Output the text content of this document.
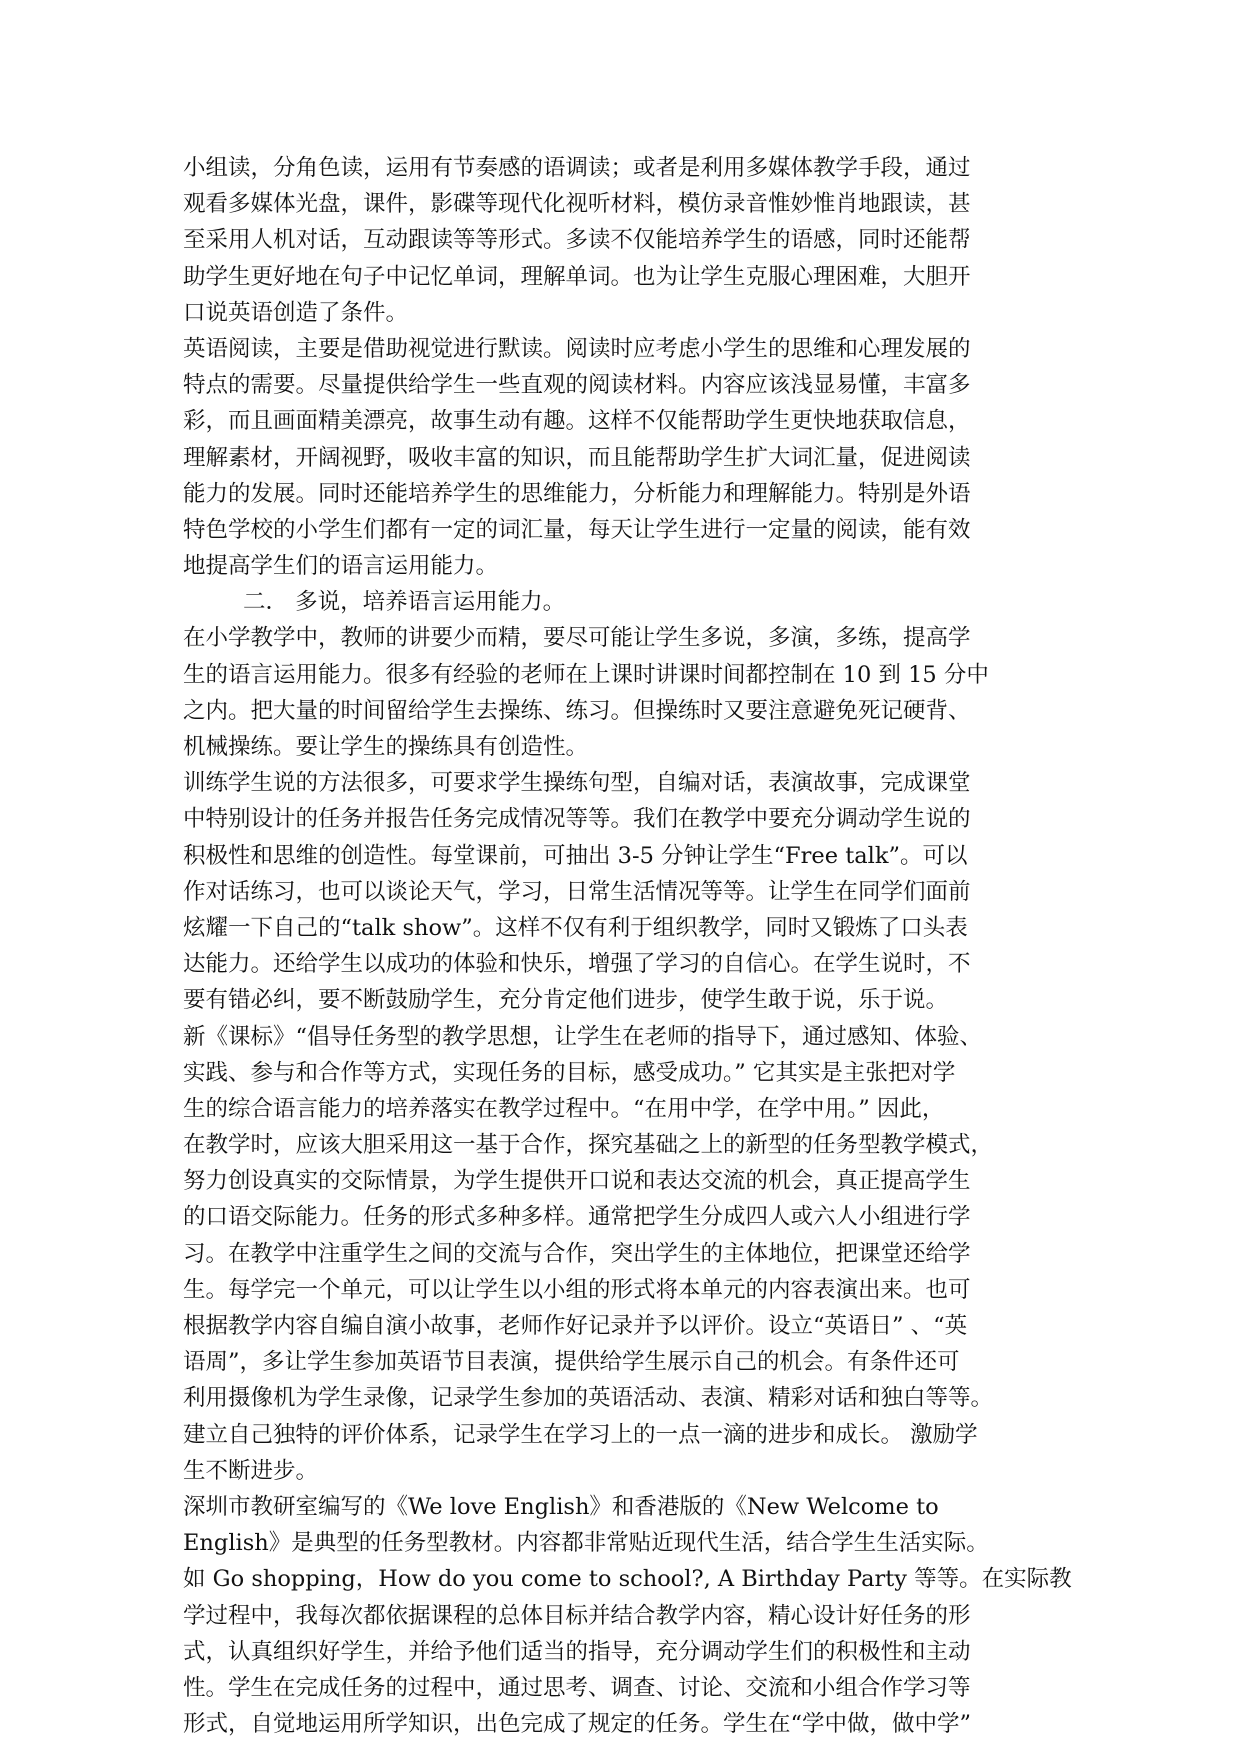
小组读，分角色读，运用有节奏感的语调读；或者是利用多媒体教学手段，通过
观看多媒体光盘，课件，影碟等现代化视听材料，模仿录音惟妙惟肖地跟读，甚
至采用人机对话，互动跟读等等形式。多读不仅能培养学生的语感，同时还能帮
助学生更好地在句子中记忆单词，理解单词。也为让学生克服心理困难，大胆开
口说英语创造了条件。
英语阅读，主要是借助视觉进行默读。阅读时应考虑小学生的思维和心理发展的
特点的需要。尽量提供给学生一些直观的阅读材料。内容应该浅显易懂，丰富多
彩，而且画面精美漂亮，故事生动有趣。这样不仅能帮助学生更快地获取信息，
理解素材，开阔视野，吸收丰富的知识，而且能帮助学生扩大词汇量，促进阅读
能力的发展。同时还能培养学生的思维能力，分析能力和理解能力。特别是外语
特色学校的小学生们都有一定的词汇量，每天让学生进行一定量的阅读，能有效
地提高学生们的语言运用能力。
二． 多说，培养语言运用能力。
在小学教学中，教师的讲要少而精，要尽可能让学生多说，多演，多练，提高学
生的语言运用能力。很多有经验的老师在上课时讲课时间都控制在 10 到 15 分中
之内。把大量的时间留给学生去操练、练习。但操练时又要注意避免死记硬背、
机械操练。要让学生的操练具有创造性。
训练学生说的方法很多，可要求学生操练句型，自编对话，表演故事，完成课堂
中特别设计的任务并报告任务完成情况等等。我们在教学中要充分调动学生说的
积极性和思维的创造性。每堂课前，可抽出 3-5 分钟让学生“Free talk”。可以
作对话练习，也可以谈论天气，学习，日常生活情况等等。让学生在同学们面前
炫耀一下自己的“talk show”。这样不仅有利于组织教学，同时又锻炼了口头表
达能力。还给学生以成功的体验和快乐，增强了学习的自信心。在学生说时，不
要有错必纠，要不断鼓励学生，充分肯定他们进步，使学生敢于说，乐于说。
新《课标》“倡导任务型的教学思想，让学生在老师的指导下，通过感知、体验、
实践、参与和合作等方式，实现任务的目标，感受成功。” 它其实是主张把对学
生的综合语言能力的培养落实在教学过程中。“在用中学，在学中用。” 因此，
在教学时，应该大胆采用这一基于合作，探究基础之上的新型的任务型教学模式，
努力创设真实的交际情景，为学生提供开口说和表达交流的机会，真正提高学生
的口语交际能力。任务的形式多种多样。通常把学生分成四人或六人小组进行学
习。在教学中注重学生之间的交流与合作，突出学生的主体地位，把课堂还给学
生。每学完一个单元，可以让学生以小组的形式将本单元的内容表演出来。也可
根据教学内容自编自演小故事，老师作好记录并予以评价。设立“英语日” 、“英
语周”，多让学生参加英语节目表演，提供给学生展示自己的机会。有条件还可
利用摄像机为学生录像，记录学生参加的英语活动、表演、精彩对话和独白等等。
建立自己独特的评价体系，记录学生在学习上的一点一滴的进步和成长。 激励学
生不断进步。
深圳市教研室编写的《We love English》和香港版的《New Welcome to
English》是典型的任务型教材。内容都非常贴近现代生活，结合学生生活实际。
如 Go shopping，How do you come to school?, A Birthday Party 等等。在实际教
学过程中，我每次都依据课程的总体目标并结合教学内容，精心设计好任务的形
式，认真组织好学生，并给予他们适当的指导，充分调动学生们的积极性和主动
性。学生在完成任务的过程中，通过思考、调查、讨论、交流和小组合作学习等
形式，自觉地运用所学知识，出色完成了规定的任务。学生在“学中做，做中学”
